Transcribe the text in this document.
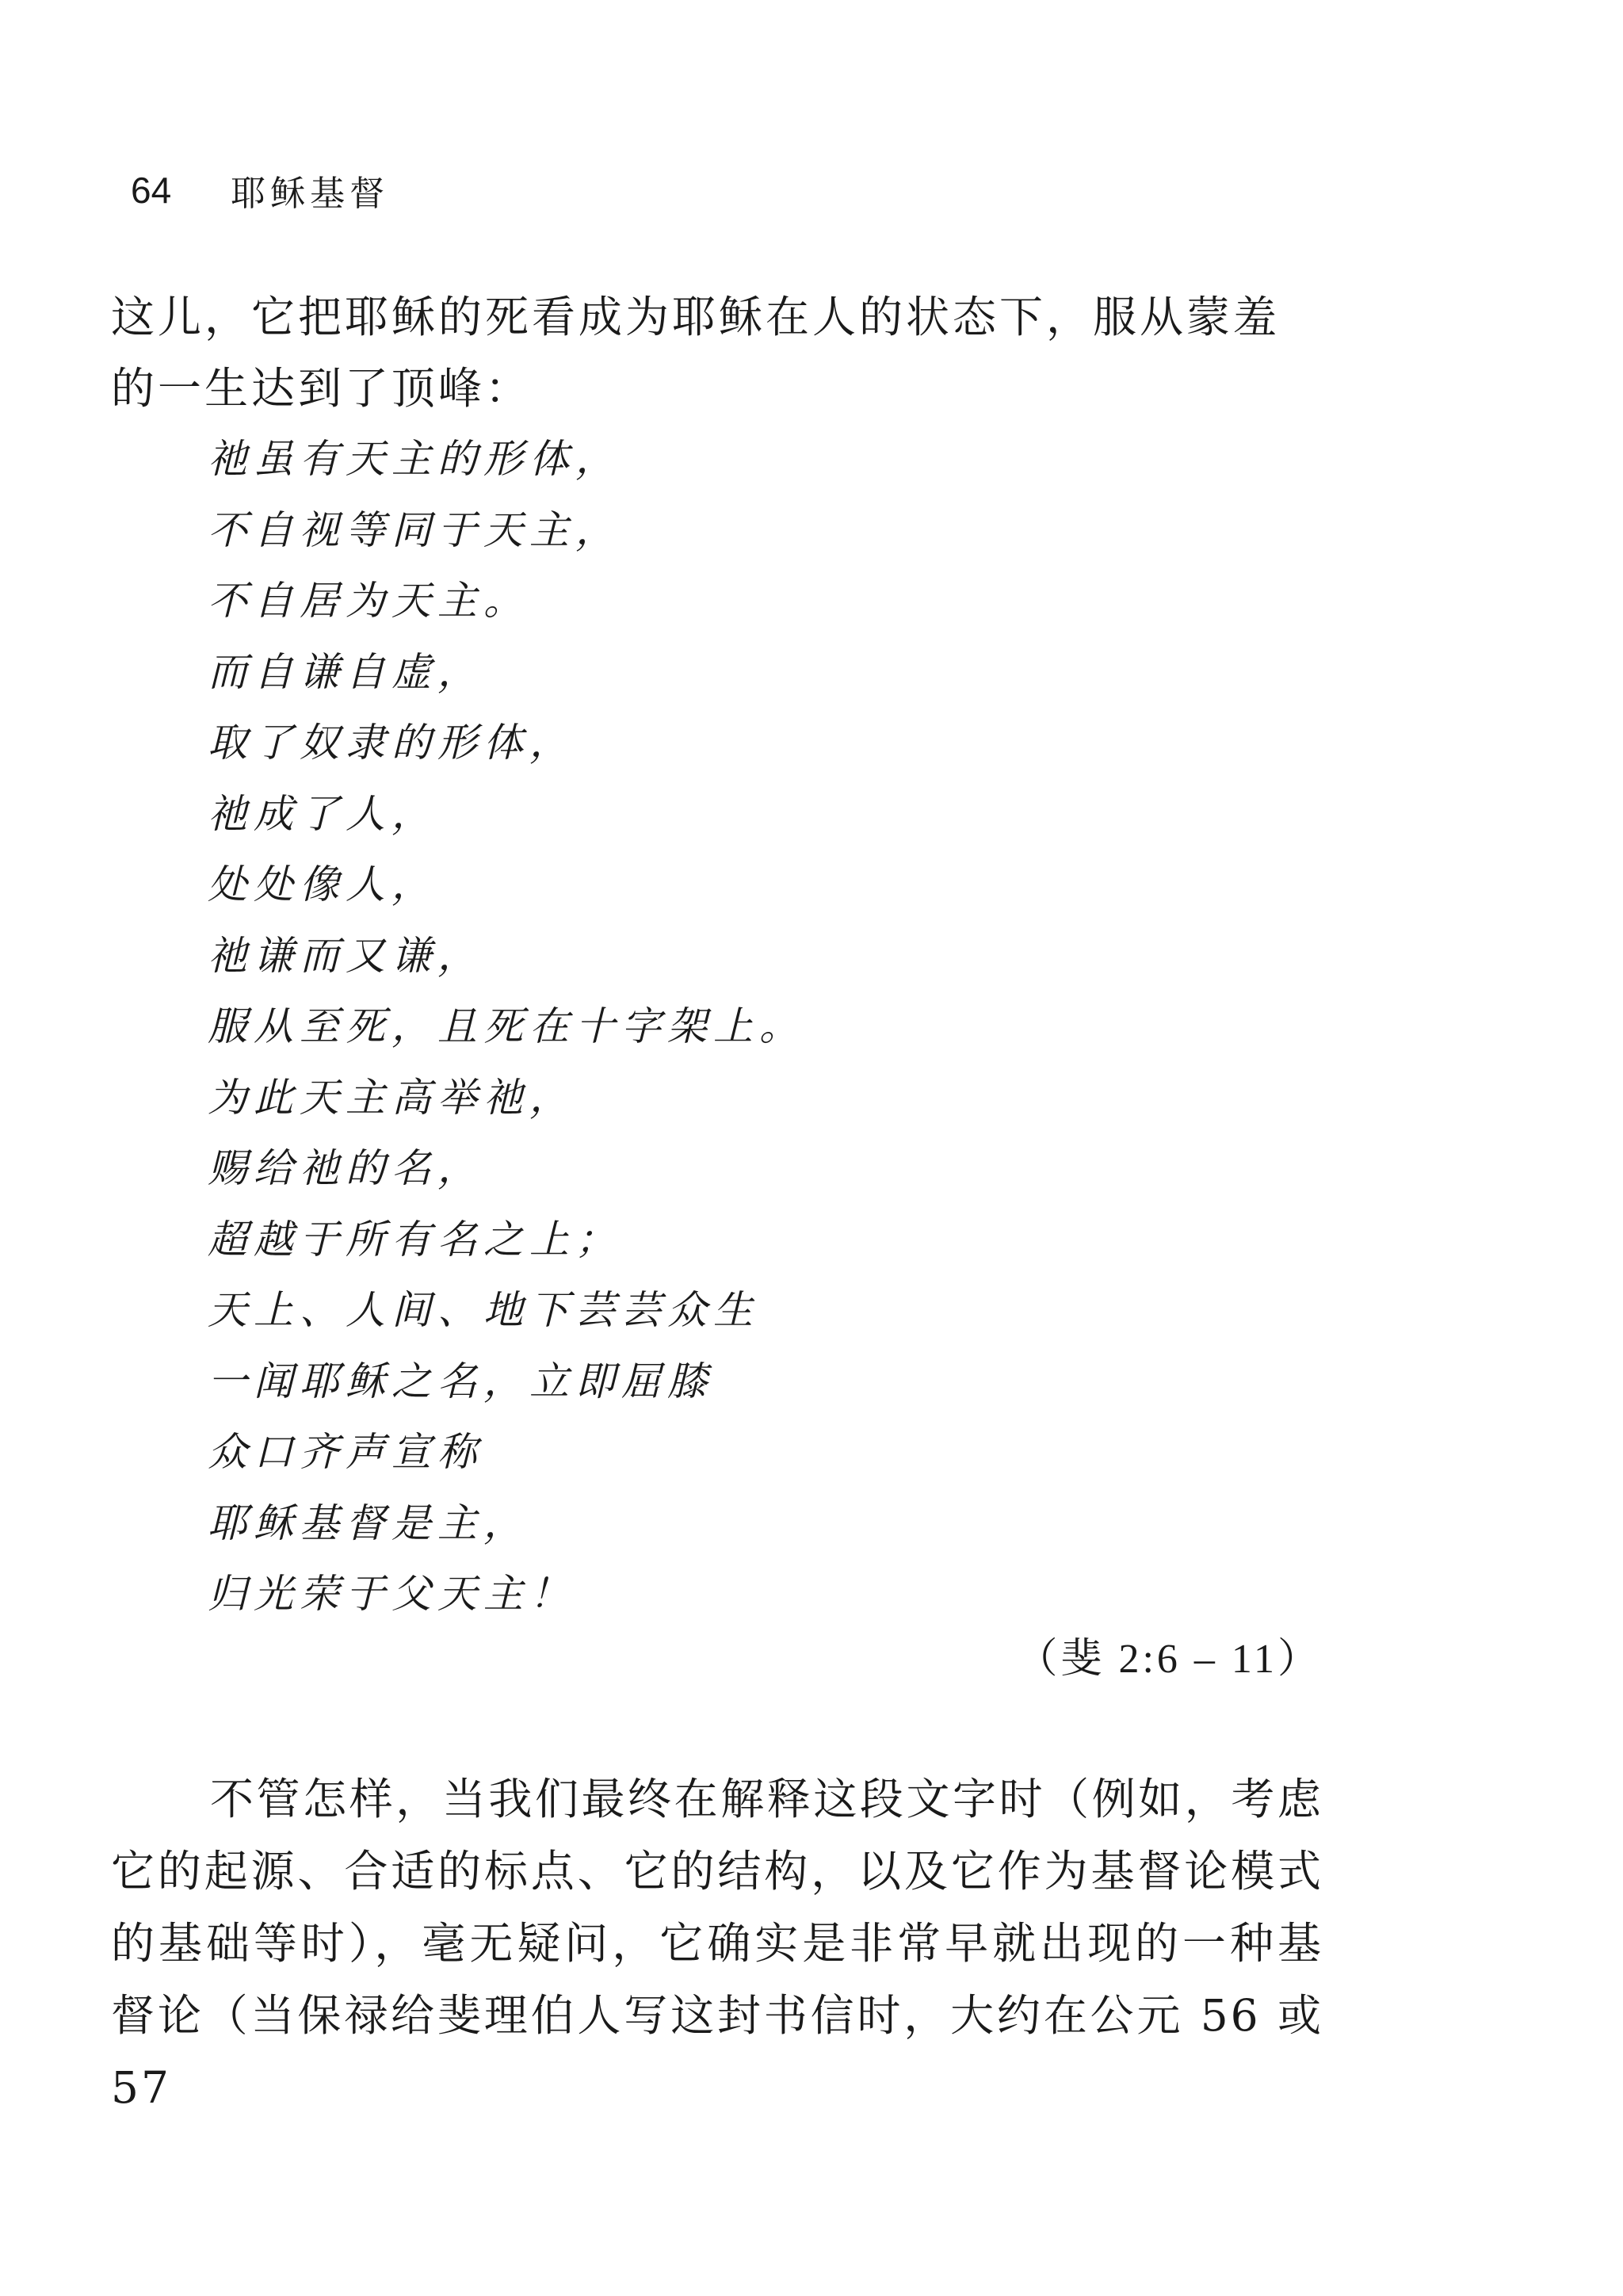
64 耶稣基督

这儿，它把耶稣的死看成为耶稣在人的状态下，服从蒙羞的一生达到了顶峰：

祂虽有天主的形体，

不自视等同于天主，

不自居为天主。

而自谦自虚，

取了奴隶的形体，

祂成了人，

处处像人，

祂谦而又谦，

服从至死，且死在十字架上。

为此天主高举祂，

赐给祂的名，

超越于所有名之上；

天上、人间、地下芸芸众生

一闻耶稣之名，立即屈膝

众口齐声宣称

耶稣基督是主，

归光荣于父天主！

（斐 2:6 – 11）

不管怎样，当我们最终在解释这段文字时（例如，考虑它的起源、合适的标点、它的结构，以及它作为基督论模式的基础等时），毫无疑问，它确实是非常早就出现的一种基督论（当保禄给斐理伯人写这封书信时，大约在公元 56 或 57
